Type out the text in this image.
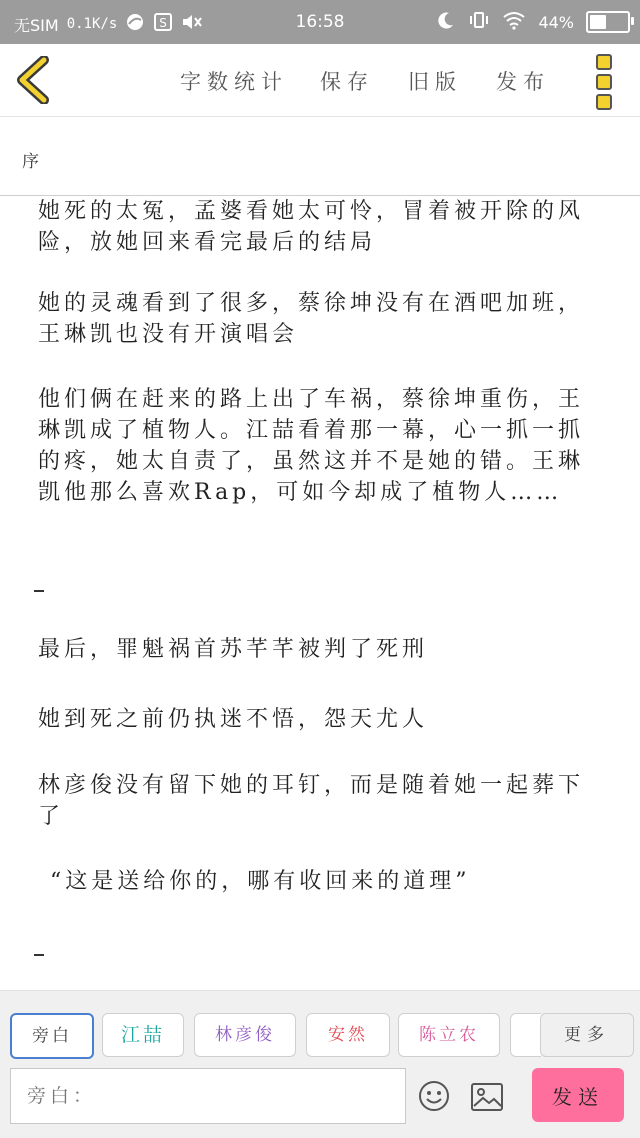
无SIM 0.1K/s	S	16:58	44%
字数统计 保存 旧版 发布
序
她死的太冤，孟婆看她太可怜，冒着被开除的风险，放她回来看完最后的结局
她的灵魂看到了很多，蔡徐坤没有在酒吧加班，王琳凯也没有开演唱会
他们俩在赶来的路上出了车祸，蔡徐坤重伤，王琳凯成了植物人。江喆看着那一幕，心一抓一抓的疼，她太自责了，虽然这并不是她的错。王琳凯他那么喜欢Rap，可如今却成了植物人……
最后，罪魁祸首苏芊芊被判了死刑
她到死之前仍执迷不悟，怨天尤人
林彦俊没有留下她的耳钉，而是随着她一起葬下了
“这是送给你的，哪有收回来的道理”
旁白	江喆	林彦俊	安然	陈立农	更多
旁白：
发送
